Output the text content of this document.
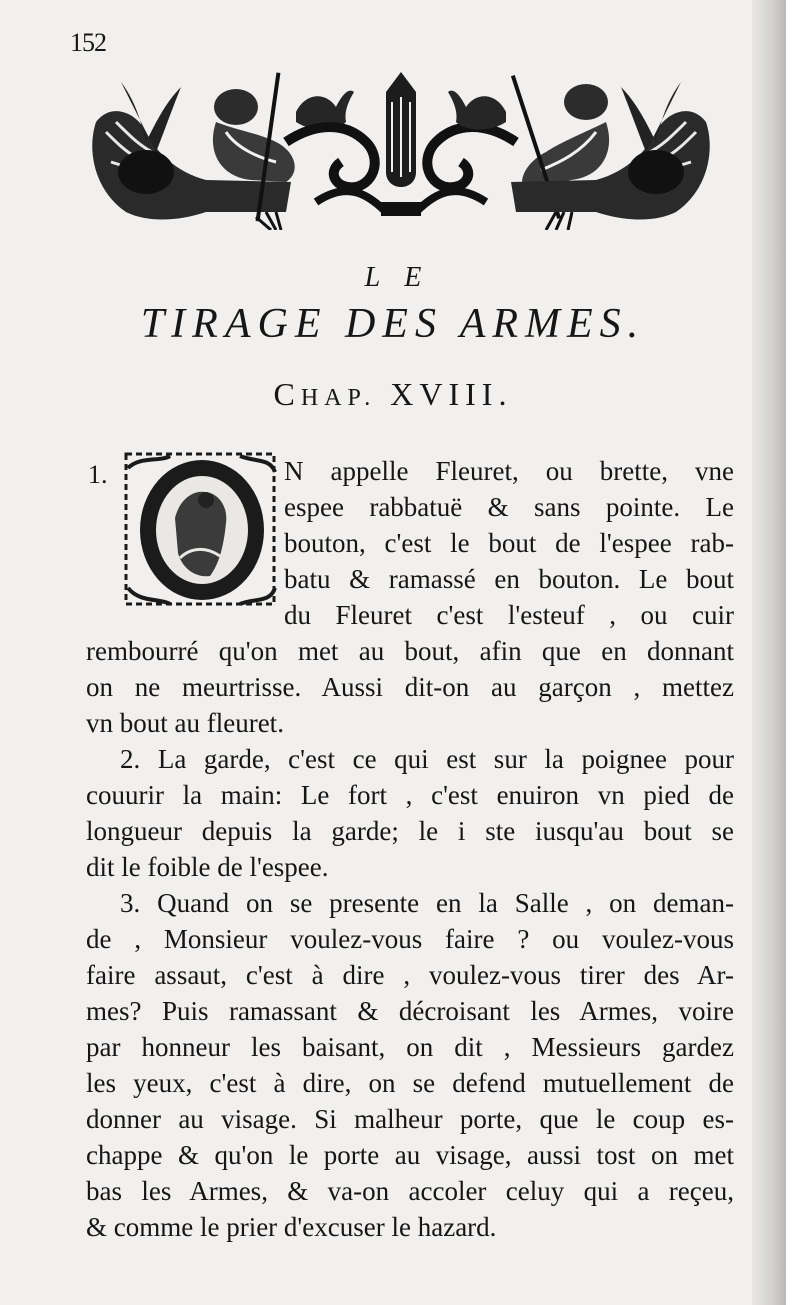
152
LE
TIRAGE DES ARMES.
CHAP. XVIII.
1.	N appelle Fleuret, ou brette, vne
espee rabbatuë & sans pointe. Le
bouton, c'est le bout de l'espee rab-
batu & ramassé en bouton. Le bout
du Fleuret c'est l'esteuf , ou cuir
rembourré qu'on met au bout, afin que en donnant
on ne meurtrisse. Aussi dit-on au garçon , mettez
vn bout au fleuret.
2. La garde, c'est ce qui est sur la poignee pour
couurir la main: Le fort , c'est enuiron vn pied de
longueur depuis la garde; le i ste iusqu'au bout se
dit le foible de l'espee.
3. Quand on se presente en la Salle , on deman-
de , Monsieur voulez-vous faire ? ou voulez-vous
faire assaut, c'est à dire , voulez-vous tirer des Ar-
mes? Puis ramassant & décroisant les Armes, voire
par honneur les baisant, on dit , Messieurs gardez
les yeux, c'est à dire, on se defend mutuellement de
donner au visage. Si malheur porte, que le coup es-
chappe & qu'on le porte au visage, aussi tost on met
bas les Armes, & va-on accoler celuy qui a reçeu,
& comme le prier d'excuser le hazard.
